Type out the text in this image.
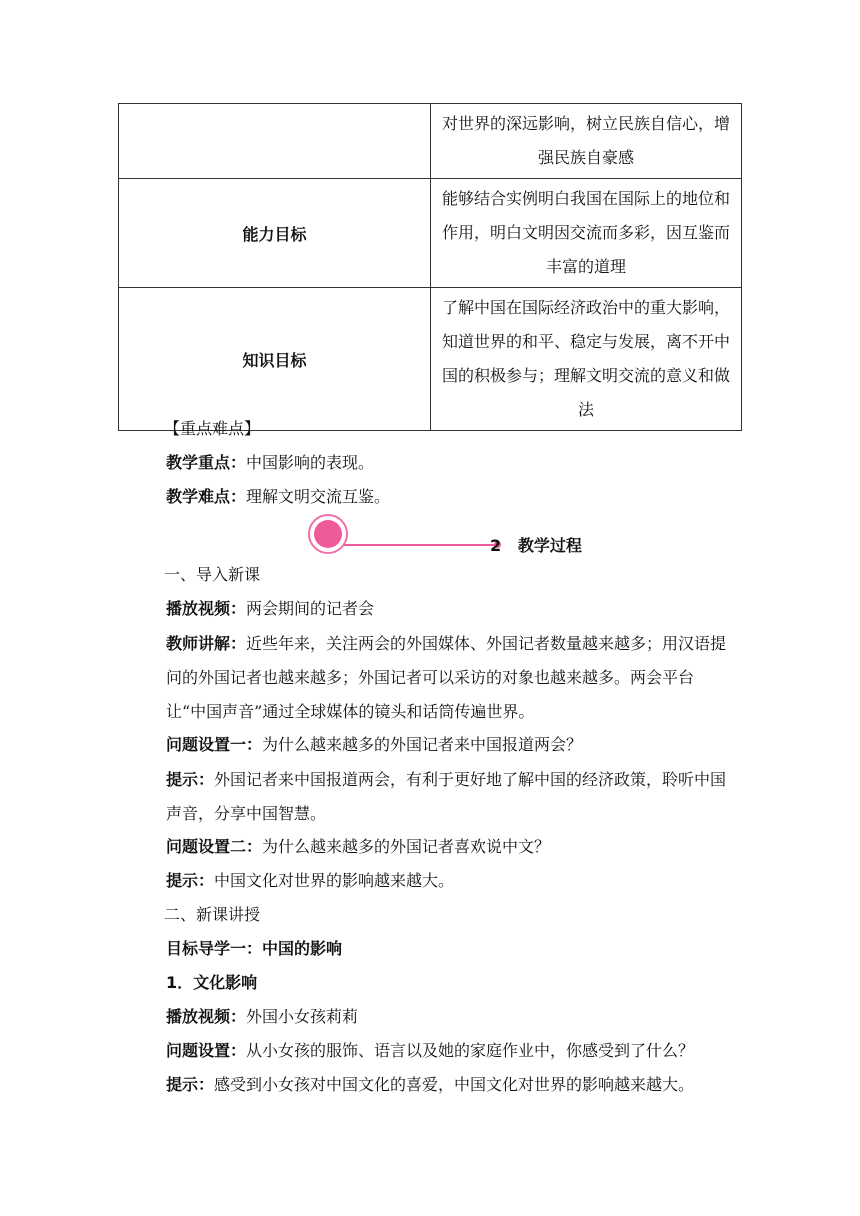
	对世界的深远影响，树立民族自信心，增强民族自豪感
能力目标	能够结合实例明白我国在国际上的地位和作用，明白文明因交流而多彩，因互鉴而丰富的道理
知识目标	了解中国在国际经济政治中的重大影响，知道世界的和平、稳定与发展，离不开中国的积极参与；理解文明交流的意义和做法
【重点难点】
教学重点：中国影响的表现。
教学难点：理解文明交流互鉴。
2 教学过程
一、导入新课
播放视频：两会期间的记者会
教师讲解：近些年来，关注两会的外国媒体、外国记者数量越来越多；用汉语提问的外国记者也越来越多；外国记者可以采访的对象也越来越多。两会平台让“中国声音”通过全球媒体的镜头和话筒传遍世界。
问题设置一：为什么越来越多的外国记者来中国报道两会？
提示：外国记者来中国报道两会，有利于更好地了解中国的经济政策，聆听中国声音，分享中国智慧。
问题设置二：为什么越来越多的外国记者喜欢说中文？
提示：中国文化对世界的影响越来越大。
二、新课讲授
目标导学一：中国的影响
1．文化影响
播放视频：外国小女孩莉莉
问题设置：从小女孩的服饰、语言以及她的家庭作业中，你感受到了什么？
提示：感受到小女孩对中国文化的喜爱，中国文化对世界的影响越来越大。
